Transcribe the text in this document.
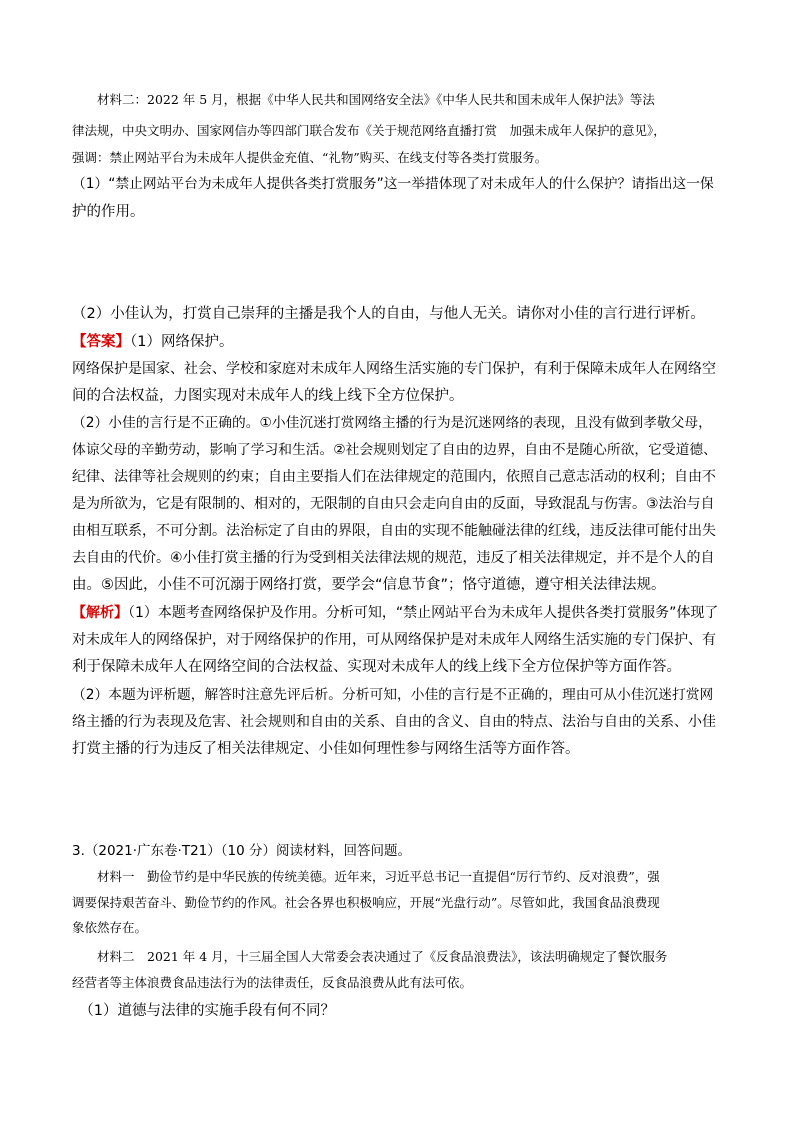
　　材料二：2022 年 5 月，根据《中华人民共和国网络安全法》《中华人民共和国未成年人保护法》等法

律法规，中央文明办、国家网信办等四部门联合发布《关于规范网络直播打赏　加强未成年人保护的意见》，

强调：禁止网站平台为未成年人提供金充值、“礼物”购买、在线支付等各类打赏服务。

（1）“禁止网站平台为未成年人提供各类打赏服务”这一举措体现了对未成年人的什么保护？请指出这一保

护的作用。

（2）小佳认为，打赏自己崇拜的主播是我个人的自由，与他人无关。请你对小佳的言行进行评析。

【答案】（1）网络保护。

网络保护是国家、社会、学校和家庭对未成年人网络生活实施的专门保护，有利于保障未成年人在网络空

间的合法权益，力图实现对未成年人的线上线下全方位保护。

（2）小佳的言行是不正确的。①小佳沉迷打赏网络主播的行为是沉迷网络的表现，且没有做到孝敬父母，

体谅父母的辛勤劳动，影响了学习和生活。②社会规则划定了自由的边界，自由不是随心所欲，它受道德、

纪律、法律等社会规则的约束；自由主要指人们在法律规定的范围内，依照自己意志活动的权利；自由不

是为所欲为，它是有限制的、相对的，无限制的自由只会走向自由的反面，导致混乱与伤害。③法治与自

由相互联系，不可分割。法治标定了自由的界限，自由的实现不能触碰法律的红线，违反法律可能付出失

去自由的代价。④小佳打赏主播的行为受到相关法律法规的规范，违反了相关法律规定，并不是个人的自

由。⑤因此，小佳不可沉溺于网络打赏，要学会“信息节食”；恪守道德，遵守相关法律法规。

【解析】（1）本题考查网络保护及作用。分析可知，“禁止网站平台为未成年人提供各类打赏服务”体现了

对未成年人的网络保护，对于网络保护的作用，可从网络保护是对未成年人网络生活实施的专门保护、有

利于保障未成年人在网络空间的合法权益、实现对未成年人的线上线下全方位保护等方面作答。

（2）本题为评析题，解答时注意先评后析。分析可知，小佳的言行是不正确的，理由可从小佳沉迷打赏网

络主播的行为表现及危害、社会规则和自由的关系、自由的含义、自由的特点、法治与自由的关系、小佳

打赏主播的行为违反了相关法律规定、小佳如何理性参与网络生活等方面作答。

3.（2021·广东卷·T21）（10 分）阅读材料，回答问题。

　　材料一　勤俭节约是中华民族的传统美德。近年来，习近平总书记一直提倡“厉行节约、反对浪费”，强

调要保持艰苦奋斗、勤俭节约的作风。社会各界也积极响应，开展“光盘行动”。尽管如此，我国食品浪费现

象依然存在。

　　材料二　2021 年 4 月，十三届全国人大常委会表决通过了《反食品浪费法》，该法明确规定了餐饮服务

经营者等主体浪费食品违法行为的法律责任，反食品浪费从此有法可依。

　（1）道德与法律的实施手段有何不同？
